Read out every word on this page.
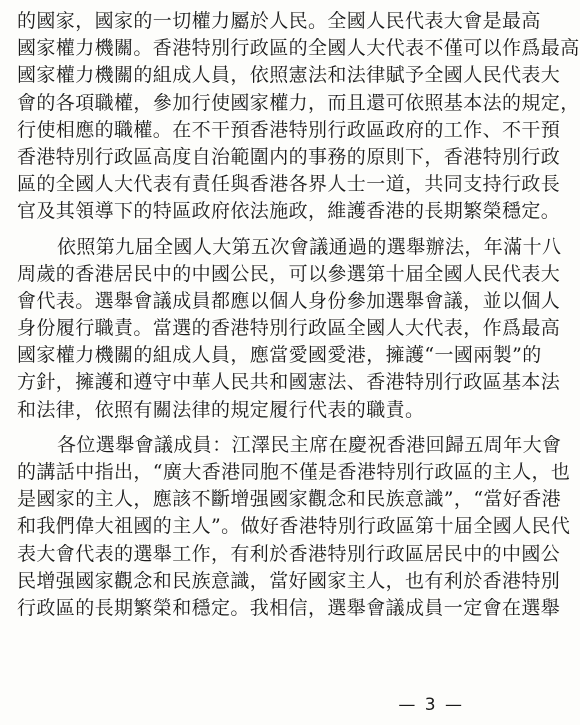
的國家，國家的一切權力屬於人民。全國人民代表大會是最高
國家權力機關。香港特別行政區的全國人大代表不僅可以作爲最高
國家權力機關的組成人員，依照憲法和法律賦予全國人民代表大
會的各項職權，參加行使國家權力，而且還可依照基本法的規定，
行使相應的職權。在不干預香港特別行政區政府的工作、不干預
香港特別行政區高度自治範圍内的事務的原則下，香港特別行政
區的全國人大代表有責任與香港各界人士一道，共同支持行政長
官及其領導下的特區政府依法施政，維護香港的長期繁榮穩定。
依照第九届全國人大第五次會議通過的選舉辦法，年滿十八
周歲的香港居民中的中國公民，可以參選第十届全國人民代表大
會代表。選舉會議成員都應以個人身份參加選舉會議，並以個人
身份履行職責。當選的香港特別行政區全國人大代表，作爲最高
國家權力機關的組成人員，應當愛國愛港，擁護“一國兩製”的
方針，擁護和遵守中華人民共和國憲法、香港特別行政區基本法
和法律，依照有關法律的規定履行代表的職責。
各位選舉會議成員：江澤民主席在慶祝香港回歸五周年大會
的講話中指出，“廣大香港同胞不僅是香港特別行政區的主人，也
是國家的主人，應該不斷增强國家觀念和民族意識”，“當好香港
和我們偉大祖國的主人”。做好香港特別行政區第十届全國人民代
表大會代表的選舉工作，有利於香港特別行政區居民中的中國公
民增强國家觀念和民族意識，當好國家主人，也有利於香港特別
行政區的長期繁榮和穩定。我相信，選舉會議成員一定會在選舉
— 3 —
